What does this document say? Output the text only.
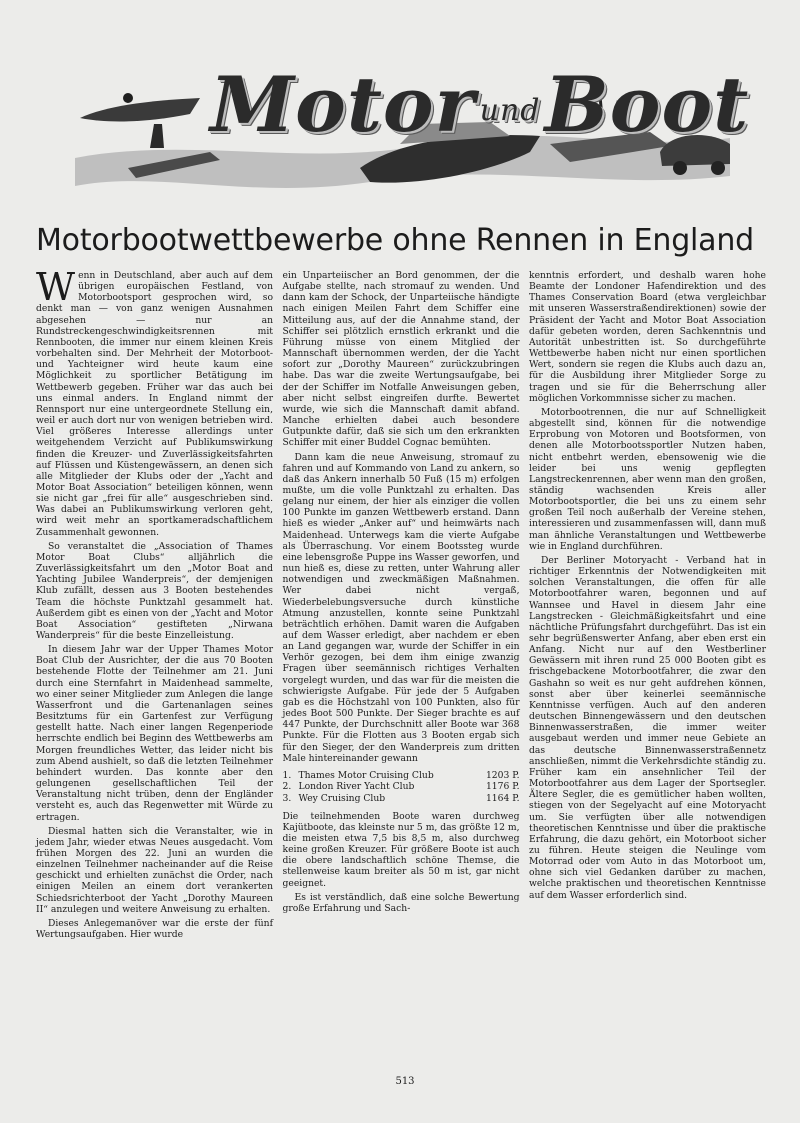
Motor undBoot
Motorbootwettbewerbe ohne Rennen in England

Wenn in Deutschland, aber auch auf dem übrigen europäischen Festland, von Motorbootsport gesprochen wird, so denkt man — von ganz wenigen Ausnahmen abgesehen — nur an Rundstreckengeschwindigkeitsrennen mit Rennbooten, die immer nur einem kleinen Kreis vorbehalten sind. Der Mehrheit der Motorboot- und Yachteigner wird heute kaum eine Möglichkeit zu sportlicher Betätigung im Wettbewerb gegeben. Früher war das auch bei uns einmal anders. In England nimmt der Rennsport nur eine untergeordnete Stellung ein, weil er auch dort nur von wenigen betrieben wird. Viel größeres Interesse allerdings unter weitgehendem Verzicht auf Publikumswirkung finden die Kreuzer- und Zuverlässigkeitsfahrten auf Flüssen und Küstengewässern, an denen sich alle Mitglieder der Klubs oder der „Yacht and Motor Boat Association“ beteiligen können, wenn sie nicht gar „frei für alle“ ausgeschrieben sind. Was dabei an Publikumswirkung verloren geht, wird weit mehr an sportkameradschaftlichem Zusammenhalt gewonnen.

So veranstaltet die „Association of Thames Motor Boat Clubs“ alljährlich die Zuverlässigkeitsfahrt um den „Motor Boat and Yachting Jubilee Wanderpreis“, der demjenigen Klub zufällt, dessen aus 3 Booten bestehendes Team die höchste Punktzahl gesammelt hat. Außerdem gibt es einen von der „Yacht and Motor Boat Association“ gestifteten „Nirwana Wanderpreis“ für die beste Einzelleistung.

In diesem Jahr war der Upper Thames Motor Boat Club der Ausrichter, der die aus 70 Booten bestehende Flotte der Teilnehmer am 21. Juni durch eine Sternfahrt in Maidenhead sammelte, wo einer seiner Mitglieder zum Anlegen die lange Wasserfront und die Gartenanlagen seines Besitztums für ein Gartenfest zur Verfügung gestellt hatte. Nach einer langen Regenperiode herrschte endlich bei Beginn des Wettbewerbs am Morgen freundliches Wetter, das leider nicht bis zum Abend aushielt, so daß die letzten Teilnehmer behindert wurden. Das konnte aber den gelungenen gesellschaftlichen Teil der Veranstaltung nicht trüben, denn der Engländer versteht es, auch das Regenwetter mit Würde zu ertragen.

Diesmal hatten sich die Veranstalter, wie in jedem Jahr, wieder etwas Neues ausgedacht. Vom frühen Morgen des 22. Juni an wurden die einzelnen Teilnehmer nacheinander auf die Reise geschickt und erhielten zunächst die Order, nach einigen Meilen an einem dort verankerten Schiedsrichterboot der Yacht „Dorothy Maureen II“ anzulegen und weitere Anweisung zu erhalten.

Dieses Anlegemanöver war die erste der fünf Wertungsaufgaben. Hier wurde

ein Unparteiischer an Bord genommen, der die Aufgabe stellte, nach stromauf zu wenden. Und dann kam der Schock, der Unparteiische händigte nach einigen Meilen Fahrt dem Schiffer eine Mitteilung aus, auf der die Annahme stand, der Schiffer sei plötzlich ernstlich erkrankt und die Führung müsse von einem Mitglied der Mannschaft übernommen werden, der die Yacht sofort zur „Dorothy Maureen“ zurückzubringen habe. Das war die zweite Wertungsaufgabe, bei der der Schiffer im Notfalle Anweisungen geben, aber nicht selbst eingreifen durfte. Bewertet wurde, wie sich die Mannschaft damit abfand. Manche erhielten dabei auch besondere Gutpunkte dafür, daß sie sich um den erkrankten Schiffer mit einer Buddel Cognac bemühten.

Dann kam die neue Anweisung, stromauf zu fahren und auf Kommando von Land zu ankern, so daß das Ankern innerhalb 50 Fuß (15 m) erfolgen mußte, um die volle Punktzahl zu erhalten. Das gelang nur einem, der hier als einziger die vollen 100 Punkte im ganzen Wettbewerb erstand. Dann hieß es wieder „Anker auf“ und heimwärts nach Maidenhead. Unterwegs kam die vierte Aufgabe als Überraschung. Vor einem Bootssteg wurde eine lebensgroße Puppe ins Wasser geworfen, und nun hieß es, diese zu retten, unter Wahrung aller notwendigen und zweckmäßigen Maßnahmen. Wer dabei nicht vergaß, Wiederbelebungsversuche durch künstliche Atmung anzustellen, konnte seine Punktzahl beträchtlich erhöhen. Damit waren die Aufgaben auf dem Wasser erledigt, aber nachdem er eben an Land gegangen war, wurde der Schiffer in ein Verhör gezogen, bei dem ihm einige zwanzig Fragen über seemännisch richtiges Verhalten vorgelegt wurden, und das war für die meisten die schwierigste Aufgabe. Für jede der 5 Aufgaben gab es die Höchstzahl von 100 Punkten, also für jedes Boot 500 Punkte. Der Sieger brachte es auf 447 Punkte, der Durchschnitt aller Boote war 368 Punkte. Für die Flotten aus 3 Booten ergab sich für den Sieger, der den Wanderpreis zum dritten Male hintereinander gewann

1. Thames Motor Cruising Club	1203 P.
2. London River Yacht Club	1176 P.
3. Wey Cruising Club	1164 P.

Die teilnehmenden Boote waren durchweg Kajütboote, das kleinste nur 5 m, das größte 12 m, die meisten etwa 7,5 bis 8,5 m, also durchweg keine großen Kreuzer. Für größere Boote ist auch die obere landschaftlich schöne Themse, die stellenweise kaum breiter als 50 m ist, gar nicht geeignet.

Es ist verständlich, daß eine solche Bewertung große Erfahrung und Sach-

kenntnis erfordert, und deshalb waren hohe Beamte der Londoner Hafendirektion und des Thames Conservation Board (etwa vergleichbar mit unseren Wasserstraßendirektionen) sowie der Präsident der Yacht and Motor Boat Association dafür gebeten worden, deren Sachkenntnis und Autorität unbestritten ist. So durchgeführte Wettbewerbe haben nicht nur einen sportlichen Wert, sondern sie regen die Klubs auch dazu an, für die Ausbildung ihrer Mitglieder Sorge zu tragen und sie für die Beherrschung aller möglichen Vorkommnisse sicher zu machen.

Motorbootrennen, die nur auf Schnelligkeit abgestellt sind, können für die notwendige Erprobung von Motoren und Bootsformen, von denen alle Motorbootssportler Nutzen haben, nicht entbehrt werden, ebensowenig wie die leider bei uns wenig gepflegten Langstreckenrennen, aber wenn man den großen, ständig wachsenden Kreis aller Motorbootsportler, die bei uns zu einem sehr großen Teil noch außerhalb der Vereine stehen, interessieren und zusammenfassen will, dann muß man ähnliche Veranstaltungen und Wettbewerbe wie in England durchführen.

Der Berliner Motoryacht - Verband hat in richtiger Erkenntnis der Notwendigkeiten mit solchen Veranstaltungen, die offen für alle Motorbootfahrer waren, begonnen und auf Wannsee und Havel in diesem Jahr eine Langstrecken - Gleichmäßigkeitsfahrt und eine nächtliche Prüfungsfahrt durchgeführt. Das ist ein sehr begrüßenswerter Anfang, aber eben erst ein Anfang. Nicht nur auf den Westberliner Gewässern mit ihren rund 25 000 Booten gibt es frischgebackene Motorbootfahrer, die zwar den Gashahn so weit es nur geht aufdrehen können, sonst aber über keinerlei seemännische Kenntnisse verfügen. Auch auf den anderen deutschen Binnengewässern und den deutschen Binnenwasserstraßen, die immer weiter ausgebaut werden und immer neue Gebiete an das deutsche Binnenwasserstraßennetz anschließen, nimmt die Verkehrsdichte ständig zu. Früher kam ein ansehnlicher Teil der Motorbootfahrer aus dem Lager der Sportsegler. Ältere Segler, die es gemütlicher haben wollten, stiegen von der Segelyacht auf eine Motoryacht um. Sie verfügten über alle notwendigen theoretischen Kenntnisse und über die praktische Erfahrung, die dazu gehört, ein Motorboot sicher zu führen. Heute steigen die Neulinge vom Motorrad oder vom Auto in das Motorboot um, ohne sich viel Gedanken darüber zu machen, welche praktischen und theoretischen Kenntnisse auf dem Wasser erforderlich sind.

513
